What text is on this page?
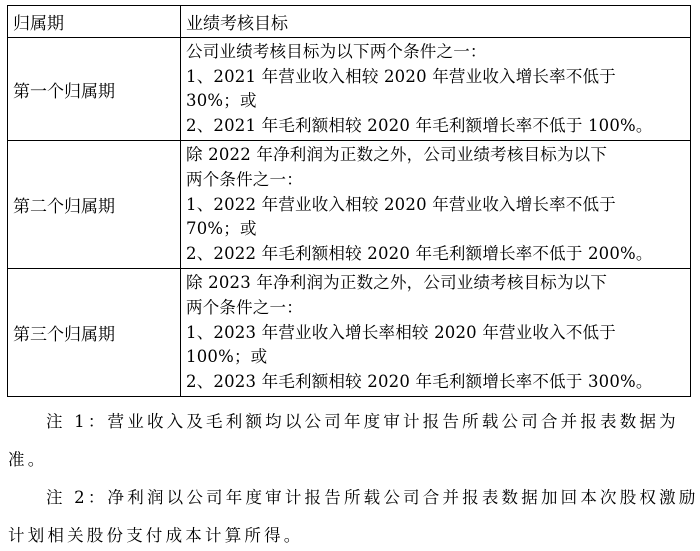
归属期	业绩考核目标
第一个归属期	公司业绩考核目标为以下两个条件之一：
1、2021 年营业收入相较 2020 年营业收入增长率不低于
30%；或
2、2021 年毛利额相较 2020 年毛利额增长率不低于 100%。

第二个归属期	除 2022 年净利润为正数之外，公司业绩考核目标为以下
两个条件之一：
1、2022 年营业收入相较 2020 年营业收入增长率不低于
70%；或
2、2022 年毛利额相较 2020 年毛利额增长率不低于 200%。

第三个归属期	除 2023 年净利润为正数之外，公司业绩考核目标为以下
两个条件之一：
1、2023 年营业收入增长率相较 2020 年营业收入不低于
100%；或
2、2023 年毛利额相较 2020 年毛利额增长率不低于 300%。
注 1：营业收入及毛利额均以公司年度审计报告所载公司合并报表数据为
准。
注 2：净利润以公司年度审计报告所载公司合并报表数据加回本次股权激励
计划相关股份支付成本计算所得。
